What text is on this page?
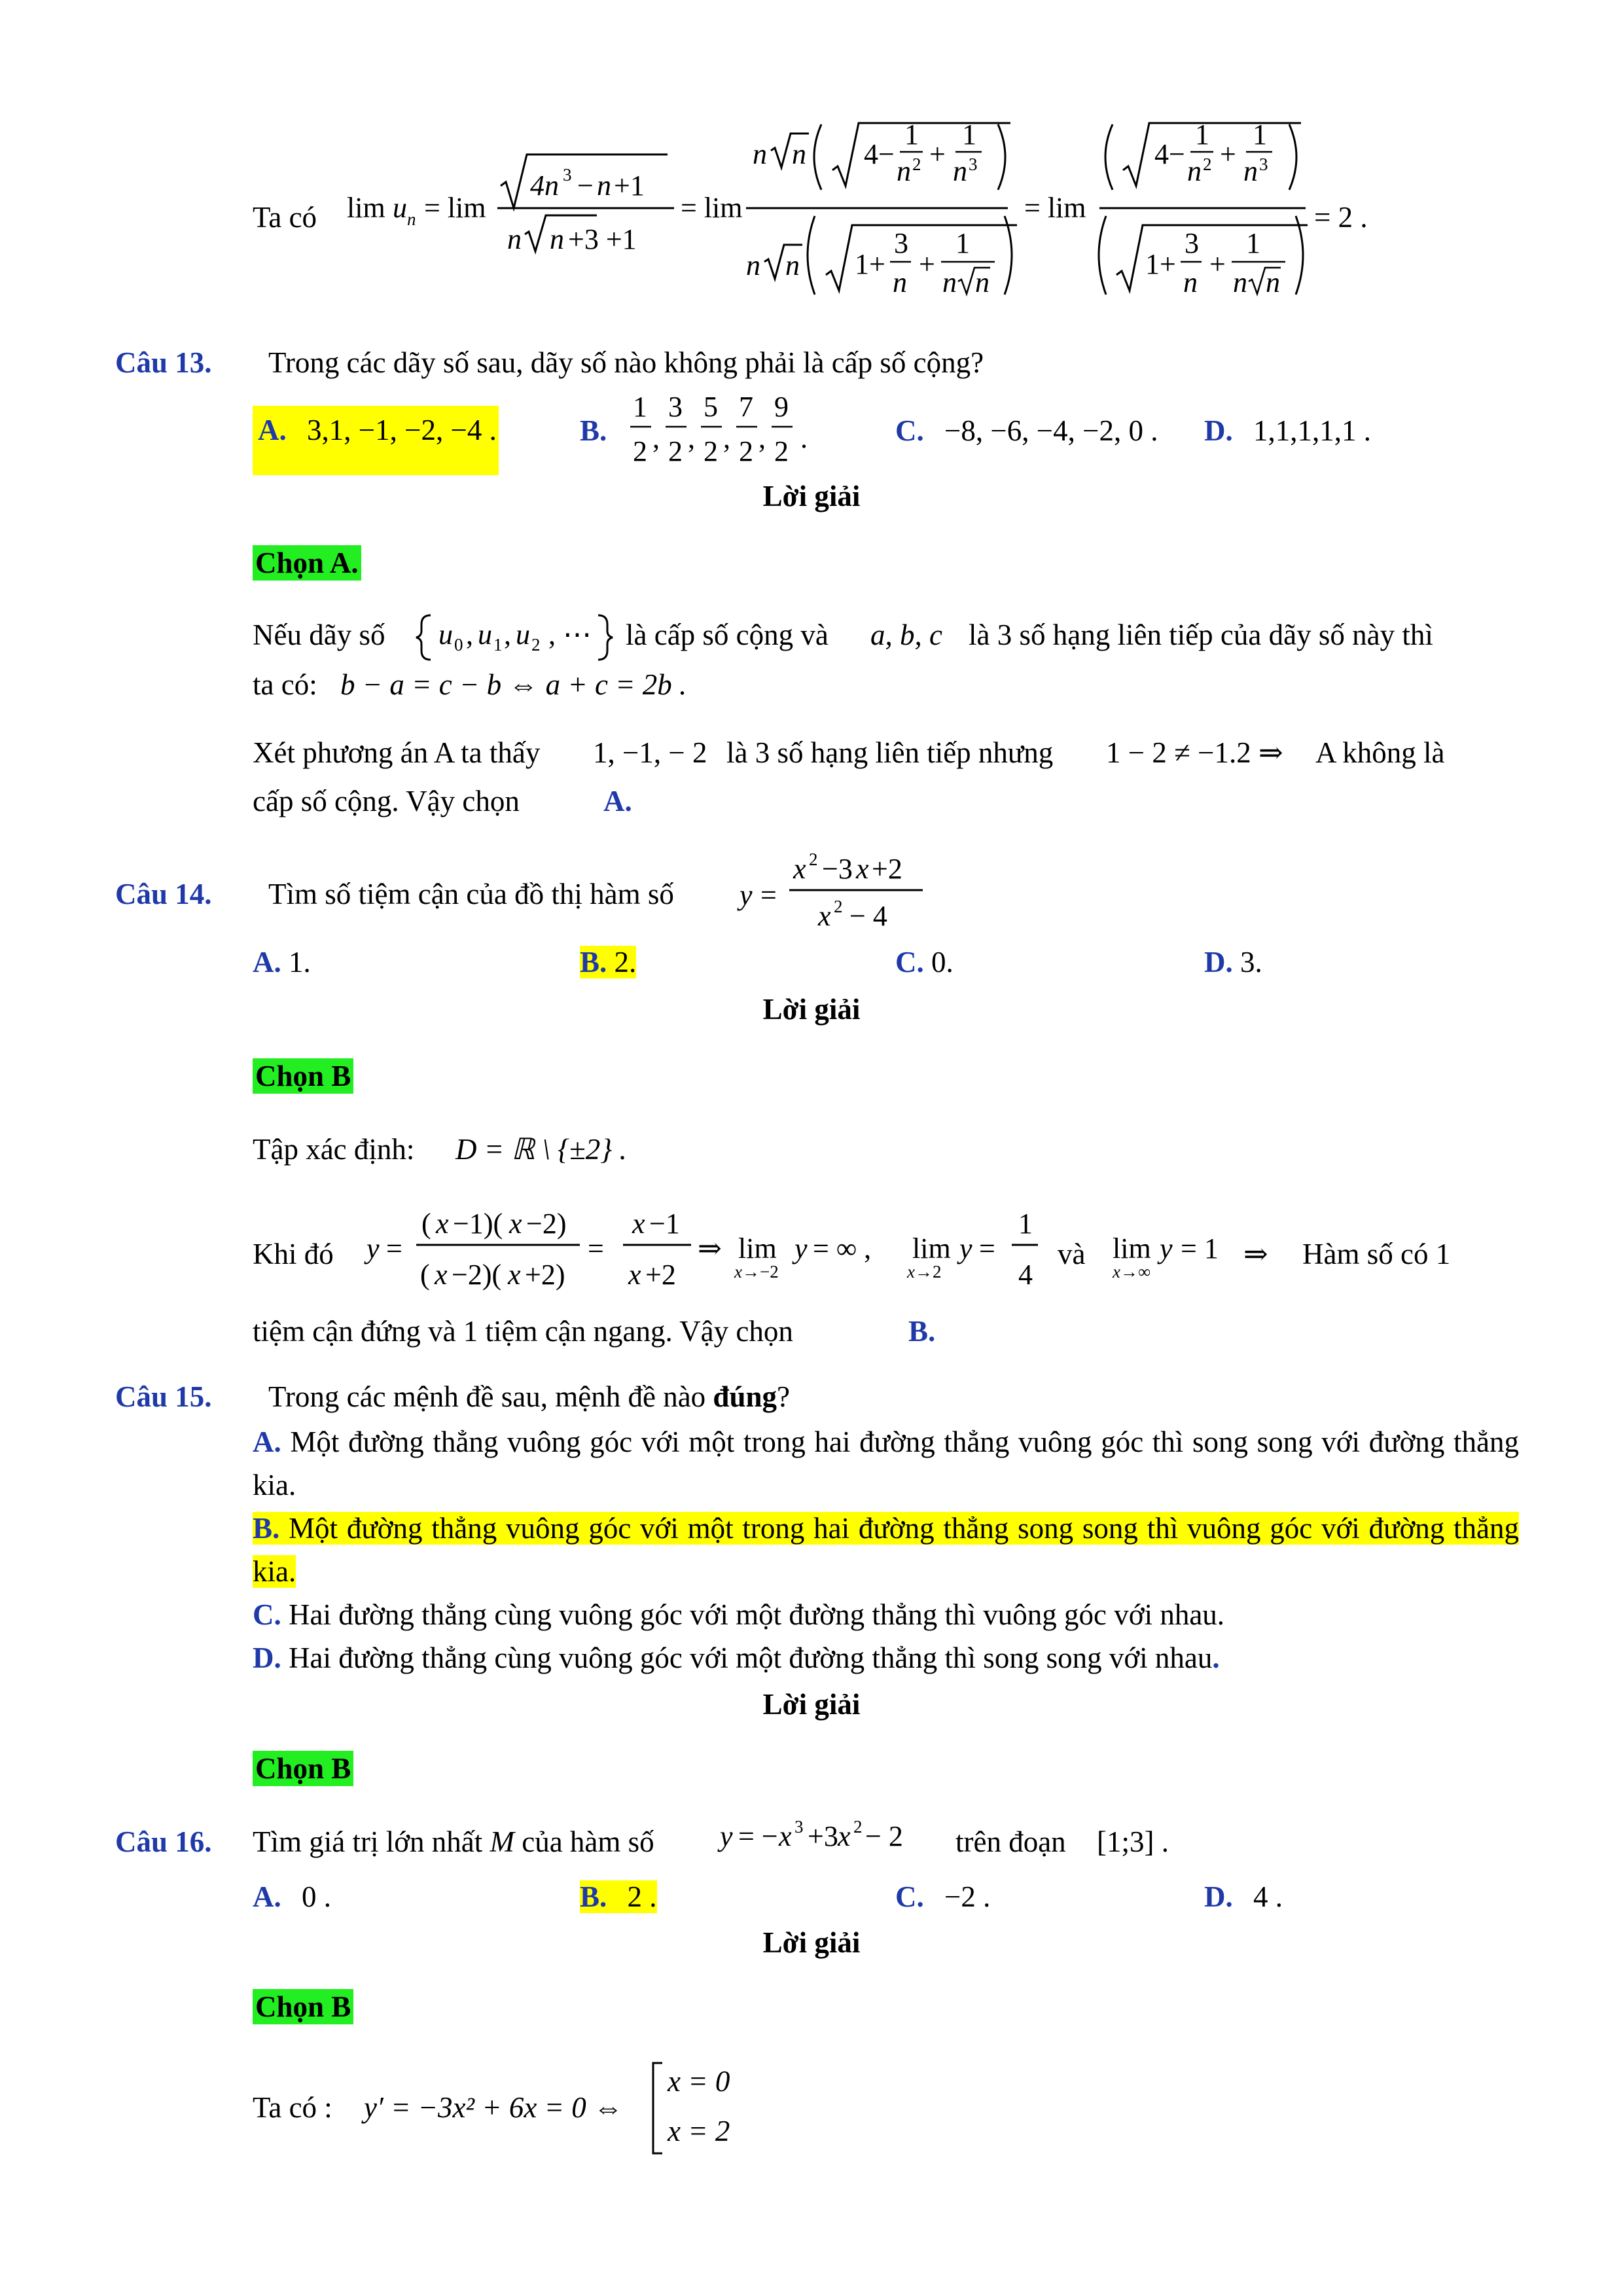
Ta có lim u n = lim
4n 3 − n +1
n n +3 +1
= lim
n n 4−
1
n 2 +
1
n 3
n n 1+
3
n
+
1
n n
= lim
4−
1
n 2 +
1
n 3
1+
3
n
+
1
n n
= 2 .
Câu 13. Trong các dãy số sau, dãy số nào không phải là cấp số cộng?
A. 3,1, −1, −2, −4 .	B.
1
2 ,
3
2 ,
5
2 ,
7
2 ,
9
2 .	C. −8, −6, −4, −2, 0 . D. 1,1,1,1,1 .
Lời giải
Chọn A.
Nếu dãy số u 0 , u 1 , u 2 , ⋯ là cấp số cộng và a, b, c là 3 số hạng liên tiếp của dãy số này thì
ta có: b − a = c − b ⇔ a + c = 2b .
Xét phương án A ta thấy 1, −1, − 2 là 3 số hạng liên tiếp nhưng 1 − 2 ≠ −1.2 ⇒ A không là
cấp số cộng. Vậy chọn	A.
Câu 14. Tìm số tiệm cận của đồ thị hàm số y =
x 2 −3 x +2
x 2 − 4
A. 1.	B. 2.	C. 0.	D. 3.
Lời giải
Chọn B
Tập xác định: D = ℝ \ {±2} .
Khi đó y =
( x −1)( x −2)
( x −2)( x +2)
=
x −1
x +2
⇒ lim y = ∞ ,
x→−2
lim y =
x→2
1
4
và lim y = 1
x→∞
⇒ Hàm số có 1
tiệm cận đứng và 1 tiệm cận ngang. Vậy chọn	B.
Câu 15. Trong các mệnh đề sau, mệnh đề nào đúng?
A. Một đường thẳng vuông góc với một trong hai đường thẳng vuông góc thì song song với đường thẳng kia.
B. Một đường thẳng vuông góc với một trong hai đường thẳng song song thì vuông góc với đường thẳng kia.
C. Hai đường thẳng cùng vuông góc với một đường thẳng thì vuông góc với nhau.
D. Hai đường thẳng cùng vuông góc với một đường thẳng thì song song với nhau.
Lời giải
Chọn B
Câu 16. Tìm giá trị lớn nhất M của hàm số y = − x 3 +3 x 2 − 2 trên đoạn [1;3] .
A. 0 .	B. 2 .	C. −2 .	D. 4 .
Lời giải
Chọn B
Ta có : y′ = −3x² + 6x = 0 ⇔
x = 0
x = 2
